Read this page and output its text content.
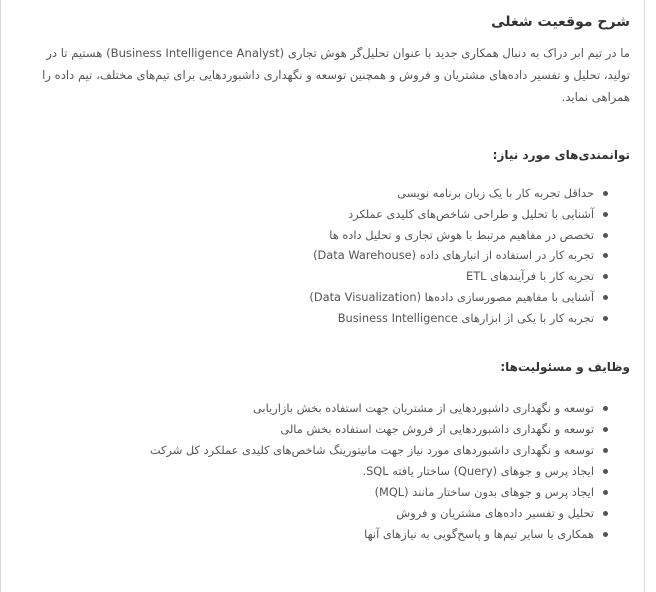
شرح موقعیت شغلی

ما در تیم ابر دراک به دنبال همکاری جدید با عنوان تحلیل‌گر هوش تجاری (Business Intelligence Analyst) هستیم تا در تولید، تحلیل و تفسیر داده‌های مشتریان و فروش و همچنین توسعه و نگهداری داشبوردهایی برای تیم‌های مختلف، تیم داده را همراهی نماید.

توانمندی‌های مورد نیاز:
حداقل تجربه کار با یک زبان برنامه نویسی
آشنایی با تحلیل و طراحی شاخص‌های کلیدی عملکرد
تخصص در مفاهیم مرتبط با هوش تجاری و تحلیل داده ها
تجربه کار در استفاده از انبارهای داده (Data Warehouse)
تجربه کار با فرآیندهای ETL
آشنایی با مفاهیم مصورسازی داده‌ها (Data Visualization)
تجربه کار با یکی از ابزارهای Business Intelligence
وظایف و مسئولیت‌ها:
توسعه و نگهداری داشبوردهایی از مشتریان جهت استفاده بخش بازاریابی
توسعه و نگهداری داشبوردهایی از فروش جهت استفاده بخش مالی
توسعه و نگهداری داشبوردهای مورد نیاز جهت مانیتورینگ شاخص‌های کلیدی عملکرد کل شرکت
ایجاد پرس و جوهای (Query) ساختار یافته SQL.
ایجاد پرس و جوهای بدون ساختار مانند (MQL)
تحلیل و تفسیر داده‌های مشتریان و فروش
همکاری با سایر تیم‌ها و پاسخ‌گویی به نیازهای آنها
